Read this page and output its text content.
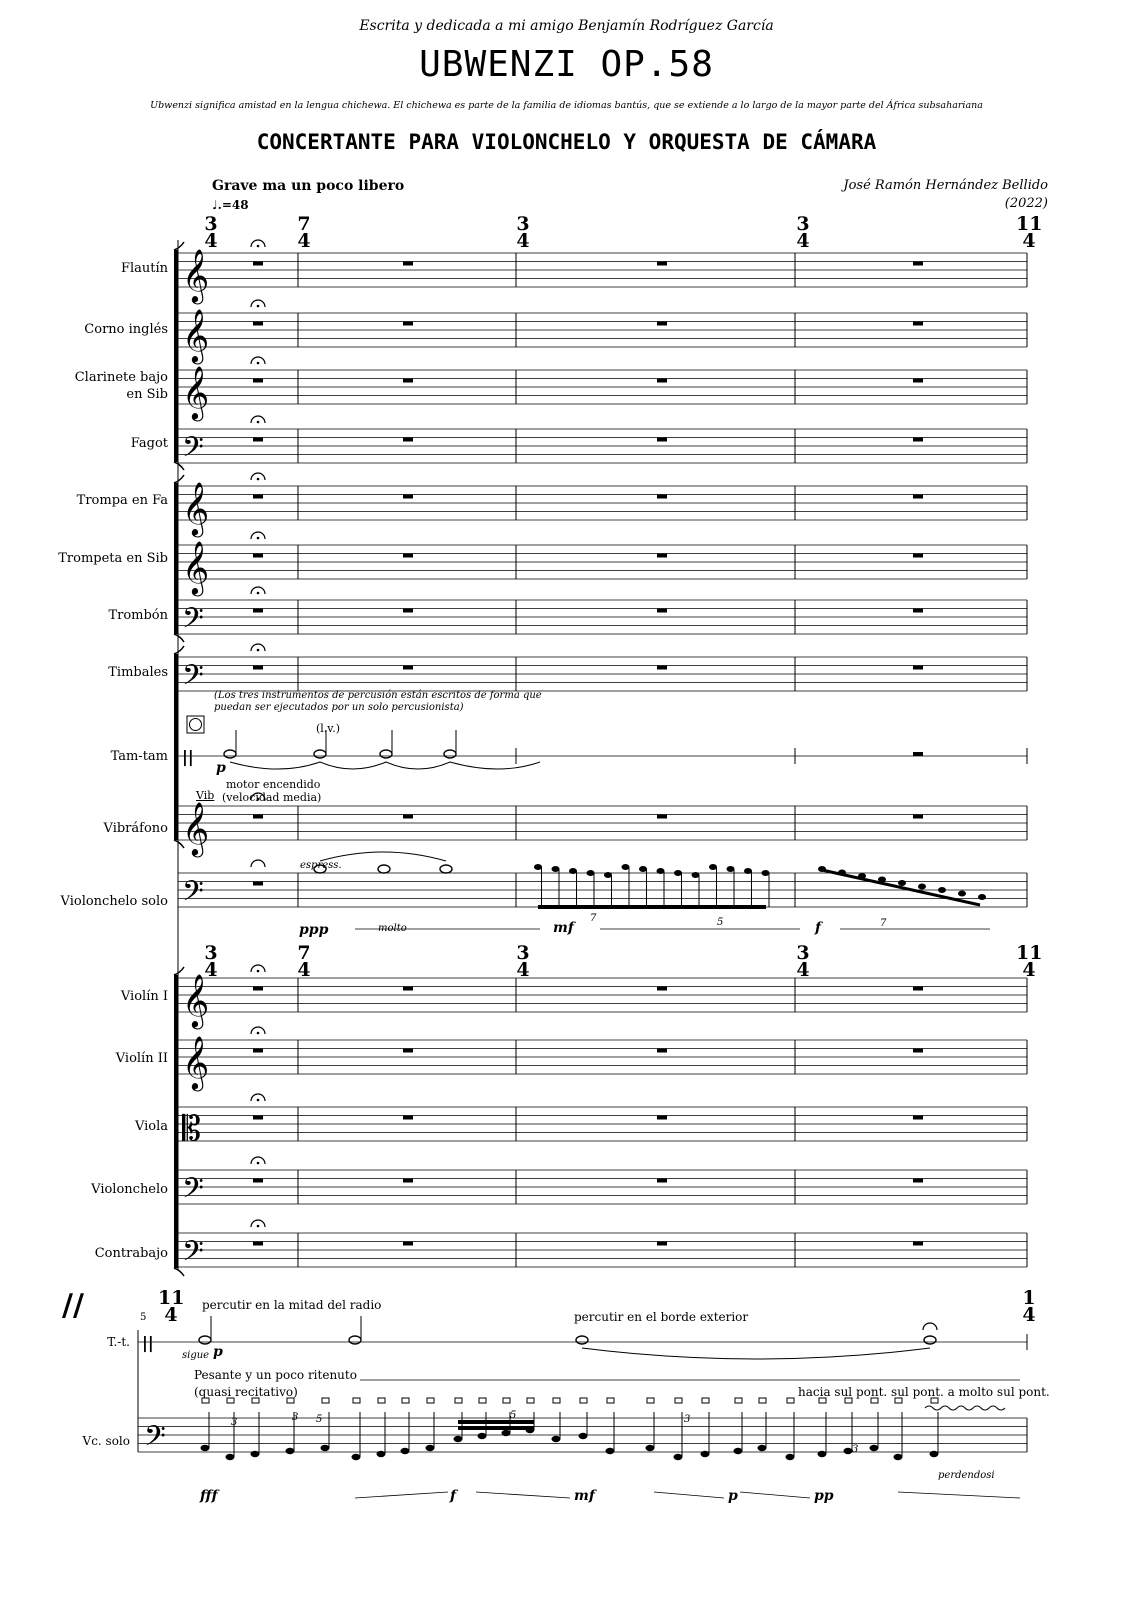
Escrita y dedicada a mi amigo Benjamín Rodríguez García
UBWENZI OP.58
Ubwenzi significa amistad en la lengua chichewa. El chichewa es parte de la familia de idiomas bantús, que se extiende a lo largo de la mayor parte del África subsahariana
CONCERTANTE PARA VIOLONCHELO Y ORQUESTA DE CÁMARA
Grave ma un poco libero
♩.=48
José Ramón Hernández Bellido
(2022)
𝄞
𝄞
𝄞
𝄢
𝄞
𝄞
𝄢
𝄢
𝄞
𝄢
𝄞
𝄞
𝄡
𝄢
𝄢
||
||
𝄢
Flautín
Corno inglés
Clarinete bajo en Sib
Fagot
Trompa en Fa
Trompeta en Sib
Trombón
Timbales
Tam-tam
Vibráfono
Violonchelo solo
Violín I
Violín II
Viola
Violonchelo
Contrabajo
3
4
7
4
3
4
3
4
11
4
3
4
7
4
3
4
3
4
11
4
(Los tres instrumentos de percusión están escritos de forma que puedan ser ejecutados por un solo percusionista)
(l.v.)
p
motor encendido
(velocidad media)
Vib
espress.
ppp	molto	mf	f
7	5	7
//	11
4
1
4
5
T.-t.
Vc. solo
percutir en la mitad del radio
percutir en el borde exterior
sigue p
Pesante y un poco ritenuto
(quasi recitativo)	hacia sul pont. sul pont. a molto sul pont.
perdendosi
fff	f	mf	p	pp
3	3	5
5	3
3
